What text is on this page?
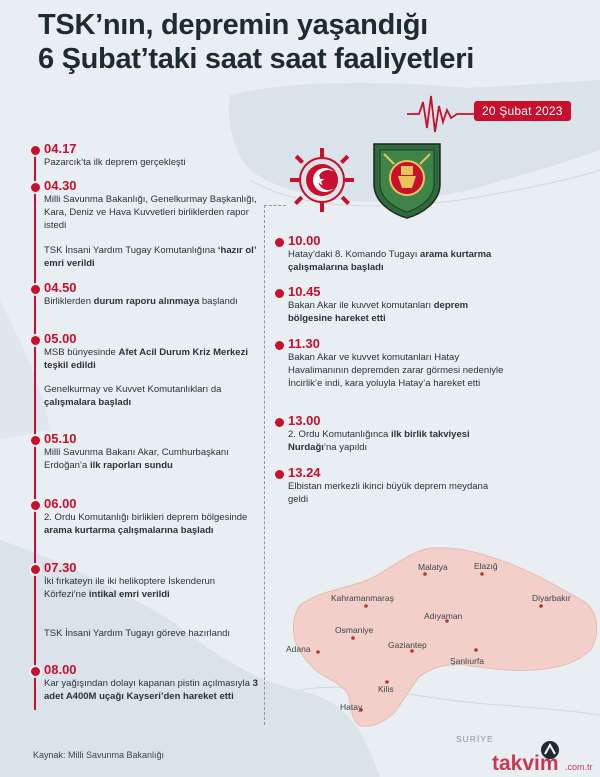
Malatya	Elazığ
Diyarbakır
Kahramanmaraş
Adıyaman
Osmaniye
Adana	Gaziantep
Şanlıurfa
Kilis
Hatay
SURİYE
TSK’nın, depremin yaşandığı
6 Şubat’taki saat saat faaliyetleri
20 Şubat 2023
04.17
Pazarcık’ta ilk deprem gerçekleşti
04.30
Milli Savunma Bakanlığı, Genelkurmay Başkanlığı, Kara, Deniz ve Hava Kuvvetleri birliklerden rapor istedi
TSK İnsani Yardım Tugay Komutanlığına ‘hazır ol’ emri verildi
04.50
Birliklerden durum raporu alınmaya başlandı
05.00
MSB bünyesinde Afet Acil Durum Kriz Merkezi teşkil edildi
Genelkurmay ve Kuvvet Komutanlıkları da çalışmalara başladı
05.10
Milli Savunma Bakanı Akar, Cumhurbaşkanı Erdoğan’a ilk raporları sundu
06.00
2. Ordu Komutanlığı birlikleri deprem bölgesinde arama kurtarma çalışmalarına başladı
07.30
İki fırkateyn ile iki helikoptere İskenderun Körfezi’ne intikal emri verildi
TSK İnsani Yardım Tugayı göreve hazırlandı
08.00
Kar yağışından dolayı kapanan pistin açılmasıyla 3 adet A400M uçağı Kayseri’den hareket etti
10.00
Hatay’daki 8. Komando Tugayı arama kurtarma çalışmalarına başladı
10.45
Bakan Akar ile kuvvet komutanları deprem bölgesine hareket etti
11.30
Bakan Akar ve kuvvet komutanları Hatay Havalimanının depremden zarar görmesi nedeniyle İncirlik’e indi, kara yoluyla Hatay’a hareket etti
13.00
2. Ordu Komutanlığınca ilk birlik takviyesi Nurdağı’na yapıldı
13.24
Elbistan merkezli ikinci büyük deprem meydana geldi
Kaynak: Milli Savunma Bakanlığı	takvim .com.tr
